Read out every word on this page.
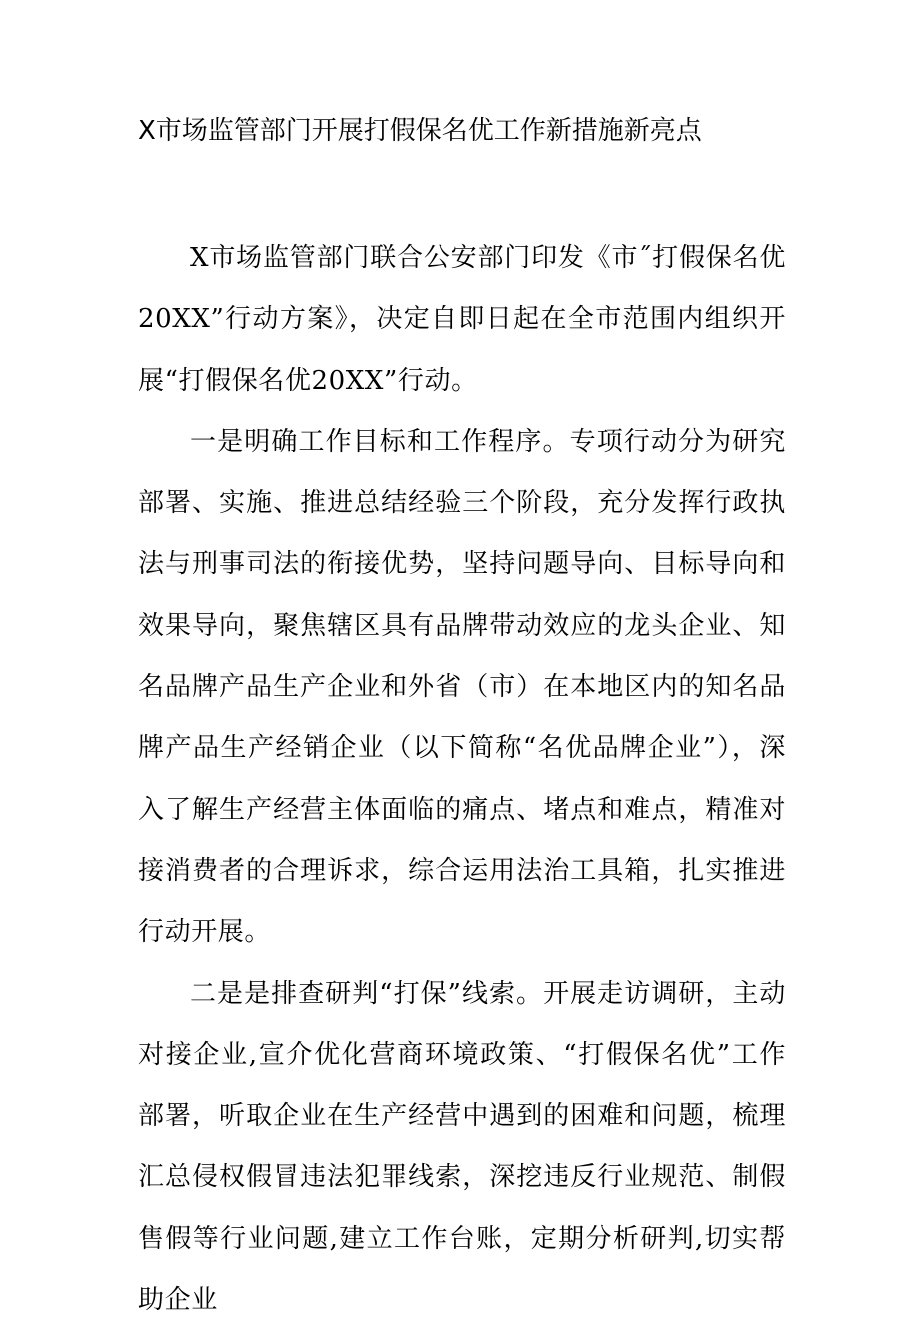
X市场监管部门开展打假保名优工作新措施新亮点

X市场监管部门联合公安部门印发《市˝打假保名优20XX”行动方案》，决定自即日起在全市范围内组织开展“打假保名优20XX”行动。

一是明确工作目标和工作程序。专项行动分为研究部署、实施、推进总结经验三个阶段，充分发挥行政执法与刑事司法的衔接优势，坚持问题导向、目标导向和效果导向，聚焦辖区具有品牌带动效应的龙头企业、知名品牌产品生产企业和外省（市）在本地区内的知名品牌产品生产经销企业（以下简称“名优品牌企业”），深入了解生产经营主体面临的痛点、堵点和难点，精准对接消费者的合理诉求，综合运用法治工具箱，扎实推进行动开展。

二是是排查研判“打保”线索。开展走访调研，主动对接企业,宣介优化营商环境政策、“打假保名优”工作部署，听取企业在生产经营中遇到的困难和问题，梳理汇总侵权假冒违法犯罪线索，深挖违反行业规范、制假售假等行业问题,建立工作台账，定期分析研判,切实帮助企业
